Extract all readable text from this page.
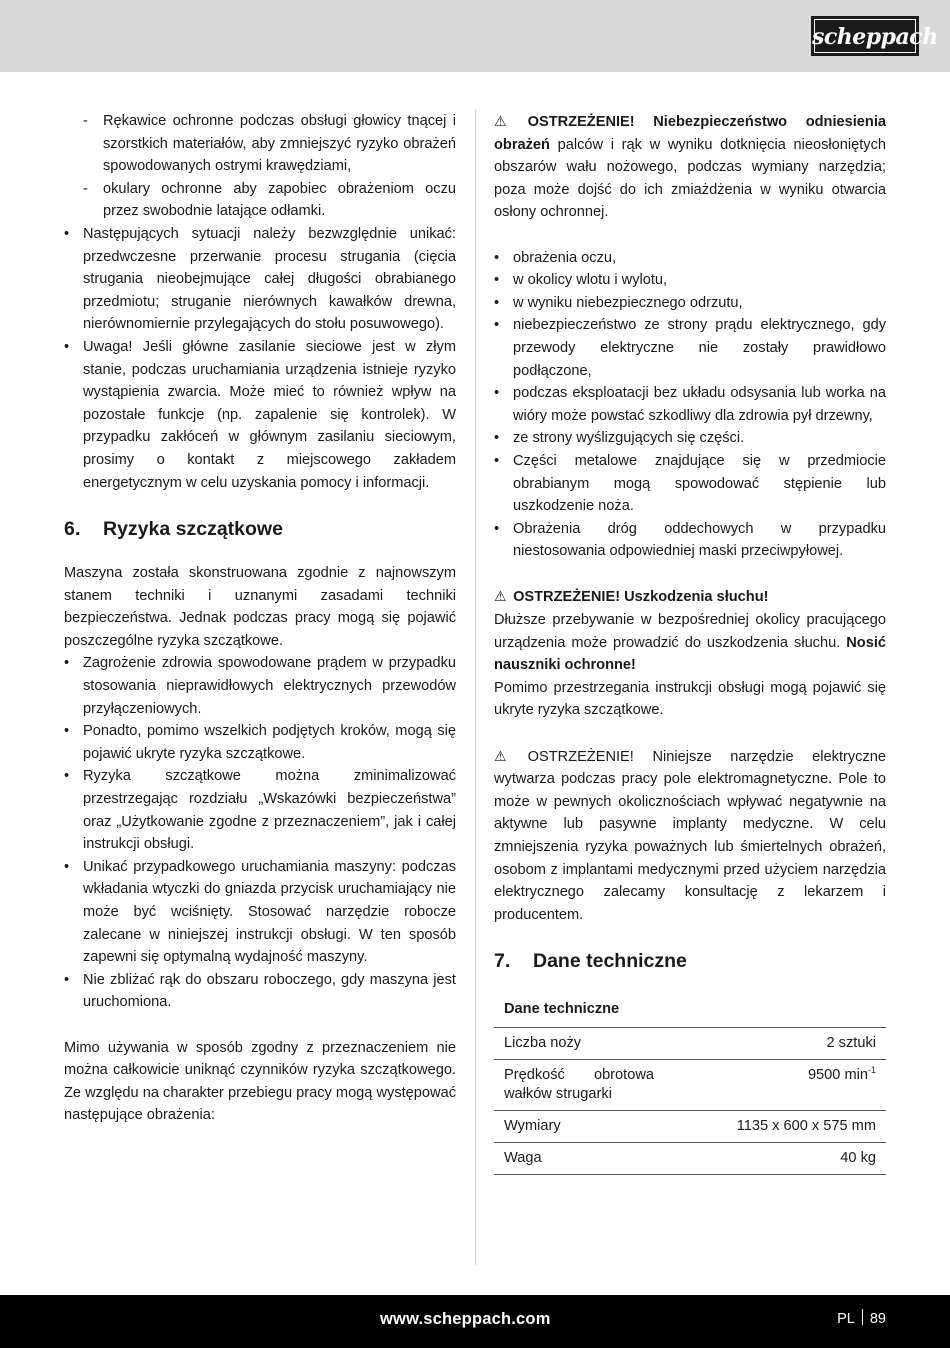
scheppach
- Rękawice ochronne podczas obsługi głowicy tnącej i szorstkich materiałów, aby zmniejszyć ryzyko obrażeń spowodowanych ostrymi krawędziami,
- okulary ochronne aby zapobiec obrażeniom oczu przez swobodnie latające odłamki.
• Następujących sytuacji należy bezwzględnie unikać: przedwczesne przerwanie procesu strugania (cięcia strugania nieobejmujące całej długości obrabianego przedmiotu; struganie nierównych kawałków drewna, nierównomiernie przylegających do stołu posuwowego).
• Uwaga! Jeśli główne zasilanie sieciowe jest w złym stanie, podczas uruchamiania urządzenia istnieje ryzyko wystąpienia zwarcia. Może mieć to również wpływ na pozostałe funkcje (np. zapalenie się kontrolek). W przypadku zakłóceń w głównym zasilaniu sieciowym, prosimy o kontakt z miejscowego zakładem energetycznym w celu uzyskania pomocy i informacji.
6. Ryzyka szczątkowe

Maszyna została skonstruowana zgodnie z najnowszym stanem techniki i uznanymi zasadami techniki bezpieczeństwa. Jednak podczas pracy mogą się pojawić poszczególne ryzyka szczątkowe.

• Zagrożenie zdrowia spowodowane prądem w przypadku stosowania nieprawidłowych elektrycznych przewodów przyłączeniowych.
• Ponadto, pomimo wszelkich podjętych kroków, mogą się pojawić ukryte ryzyka szczątkowe.
• Ryzyka szczątkowe można zminimalizować przestrzegając rozdziału „Wskazówki bezpieczeństwa” oraz „Użytkowanie zgodne z przeznaczeniem”, jak i całej instrukcji obsługi.
• Unikać przypadkowego uruchamiania maszyny: podczas wkładania wtyczki do gniazda przycisk uruchamiający nie może być wciśnięty. Stosować narzędzie robocze zalecane w niniejszej instrukcji obsługi. W ten sposób zapewni się optymalną wydajność maszyny.
• Nie zbliżać rąk do obszaru roboczego, gdy maszyna jest uruchomiona.

Mimo używania w sposób zgodny z przeznaczeniem nie można całkowicie uniknąć czynników ryzyka szczątkowego. Ze względu na charakter przebiegu pracy mogą występować następujące obrażenia:

⚠ OSTRZEŻENIE! Niebezpieczeństwo odniesienia obrażeń palców i rąk w wyniku dotknięcia nieosłoniętych obszarów wału nożowego, podczas wymiany narzędzia; poza może dojść do ich zmiażdżenia w wyniku otwarcia osłony ochronnej.

• obrażenia oczu,
• w okolicy wlotu i wylotu,
• w wyniku niebezpiecznego odrzutu,
• niebezpieczeństwo ze strony prądu elektrycznego, gdy przewody elektryczne nie zostały prawidłowo podłączone,
• podczas eksploatacji bez układu odsysania lub worka na wióry może powstać szkodliwy dla zdrowia pył drzewny,
• ze strony wyślizgujących się części.
• Części metalowe znajdujące się w przedmiocie obrabianym mogą spowodować stępienie lub uszkodzenie noża.
• Obrażenia dróg oddechowych w przypadku niestosowania odpowiedniej maski przeciwpyłowej.

⚠ OSTRZEŻENIE! Uszkodzenia słuchu!

Dłuższe przebywanie w bezpośredniej okolicy pracującego urządzenia może prowadzić do uszkodzenia słuchu. Nosić nauszniki ochronne!

Pomimo przestrzegania instrukcji obsługi mogą pojawić się ukryte ryzyka szczątkowe.

⚠ OSTRZEŻENIE! Niniejsze narzędzie elektryczne wytwarza podczas pracy pole elektromagnetyczne. Pole to może w pewnych okolicznościach wpływać negatywnie na aktywne lub pasywne implanty medyczne. W celu zmniejszenia ryzyka poważnych lub śmiertelnych obrażeń, osobom z implantami medycznymi przed użyciem narzędzia elektrycznego zalecamy konsultację z lekarzem i producentem.

7. Dane techniczne
Dane techniczne	
Liczba noży	2 sztuki
Prędkość obrotowa wałków strugarki	9500 $\min^{-1}$
Wymiary	1135 x 600 x 575 mm
Waga	40 kg
www.scheppach.com	PL 89
